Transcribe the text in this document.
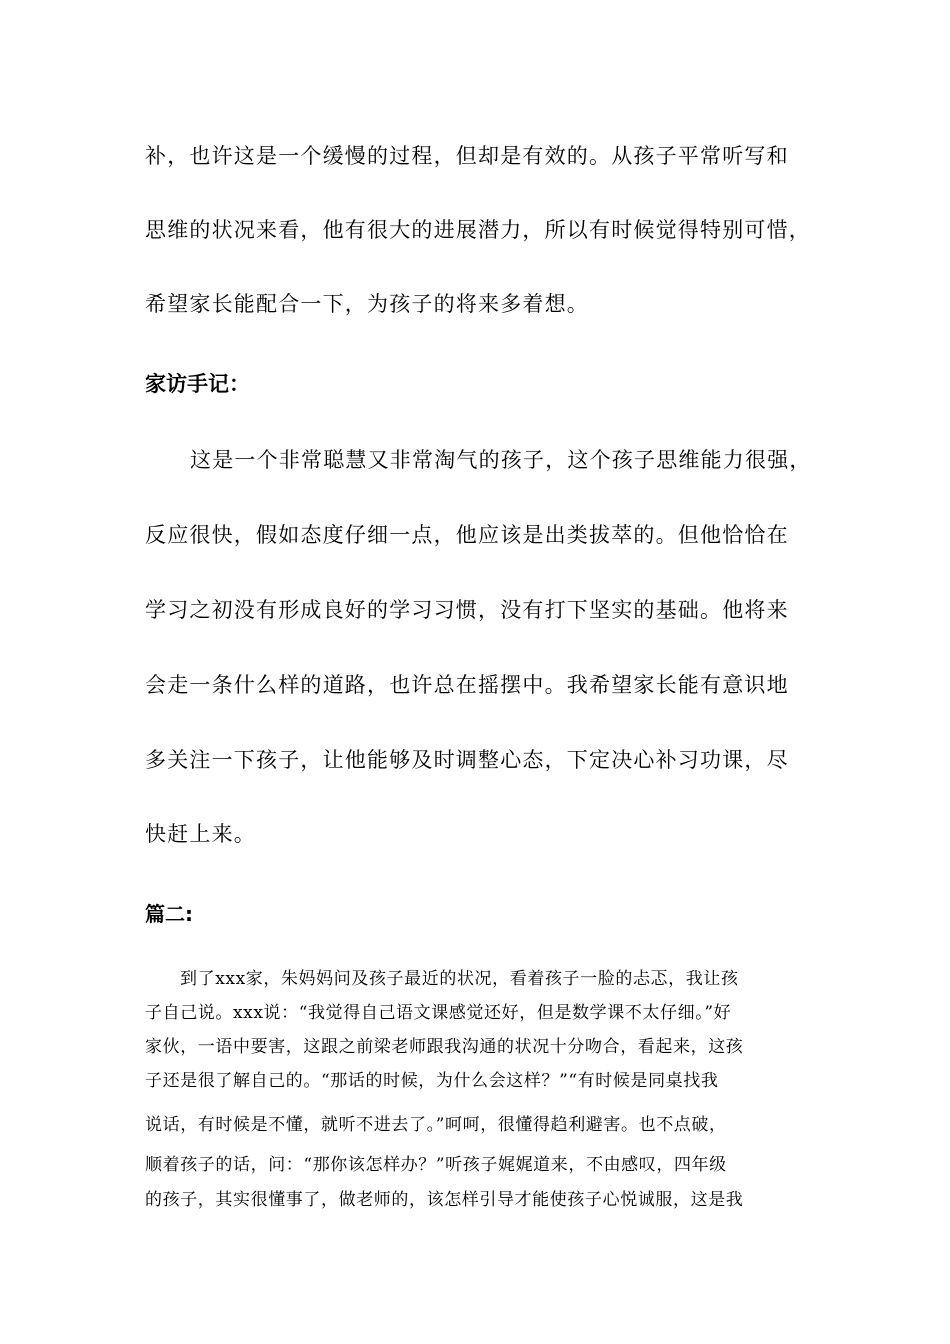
补，也许这是一个缓慢的过程，但却是有效的。从孩子平常听写和

思维的状况来看，他有很大的进展潜力，所以有时候觉得特别可惜，

希望家长能配合一下，为孩子的将来多着想。

家访手记：

这是一个非常聪慧又非常淘气的孩子，这个孩子思维能力很强，

反应很快，假如态度仔细一点，他应该是出类拔萃的。但他恰恰在

学习之初没有形成良好的学习习惯，没有打下坚实的基础。他将来

会走一条什么样的道路，也许总在摇摆中。我希望家长能有意识地

多关注一下孩子，让他能够及时调整心态，下定决心补习功课，尽

快赶上来。

篇二:

到了xxx家，朱妈妈问及孩子最近的状况，看着孩子一脸的忐忑，我让孩

子自己说。xxx说：“我觉得自己语文课感觉还好，但是数学课不太仔细。”好

家伙，一语中要害，这跟之前梁老师跟我沟通的状况十分吻合，看起来，这孩

子还是很了解自己的。“那话的时候，为什么会这样？”“有时候是同桌找我

说话，有时候是不懂，就听不进去了。”呵呵，很懂得趋利避害。也不点破，

顺着孩子的话，问：“那你该怎样办？”听孩子娓娓道来，不由感叹，四年级

的孩子，其实很懂事了，做老师的，该怎样引导才能使孩子心悦诚服，这是我
